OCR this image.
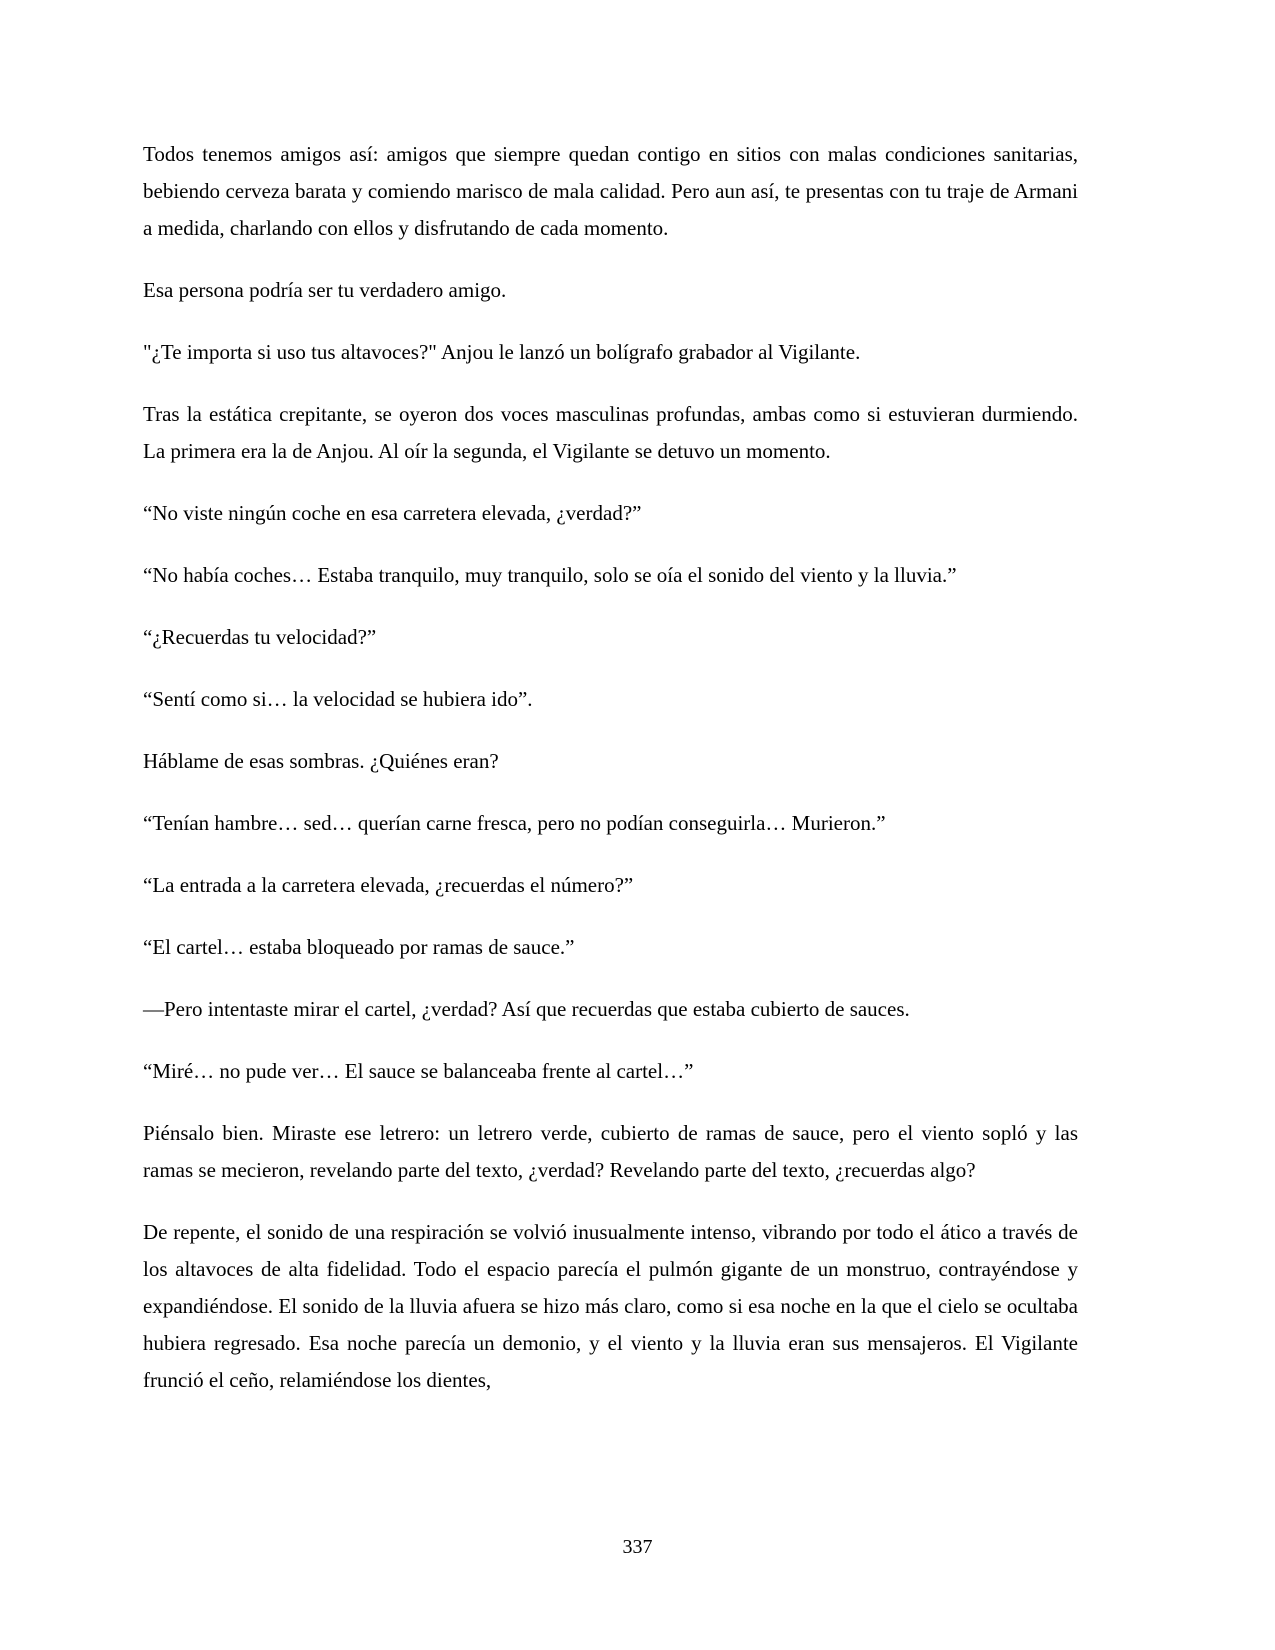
Todos tenemos amigos así: amigos que siempre quedan contigo en sitios con malas condiciones sanitarias, bebiendo cerveza barata y comiendo marisco de mala calidad. Pero aun así, te presentas con tu traje de Armani a medida, charlando con ellos y disfrutando de cada momento.

Esa persona podría ser tu verdadero amigo.

"¿Te importa si uso tus altavoces?" Anjou le lanzó un bolígrafo grabador al Vigilante.

Tras la estática crepitante, se oyeron dos voces masculinas profundas, ambas como si estuvieran durmiendo. La primera era la de Anjou. Al oír la segunda, el Vigilante se detuvo un momento.

“No viste ningún coche en esa carretera elevada, ¿verdad?”

“No había coches… Estaba tranquilo, muy tranquilo, solo se oía el sonido del viento y la lluvia.”

“¿Recuerdas tu velocidad?”

“Sentí como si… la velocidad se hubiera ido”.

Háblame de esas sombras. ¿Quiénes eran?

“Tenían hambre… sed… querían carne fresca, pero no podían conseguirla… Murieron.”

“La entrada a la carretera elevada, ¿recuerdas el número?”

“El cartel… estaba bloqueado por ramas de sauce.”

—Pero intentaste mirar el cartel, ¿verdad? Así que recuerdas que estaba cubierto de sauces.

“Miré… no pude ver… El sauce se balanceaba frente al cartel…”

Piénsalo bien. Miraste ese letrero: un letrero verde, cubierto de ramas de sauce, pero el viento sopló y las ramas se mecieron, revelando parte del texto, ¿verdad? Revelando parte del texto, ¿recuerdas algo?

De repente, el sonido de una respiración se volvió inusualmente intenso, vibrando por todo el ático a través de los altavoces de alta fidelidad. Todo el espacio parecía el pulmón gigante de un monstruo, contrayéndose y expandiéndose. El sonido de la lluvia afuera se hizo más claro, como si esa noche en la que el cielo se ocultaba hubiera regresado. Esa noche parecía un demonio, y el viento y la lluvia eran sus mensajeros. El Vigilante frunció el ceño, relamiéndose los dientes,

337
